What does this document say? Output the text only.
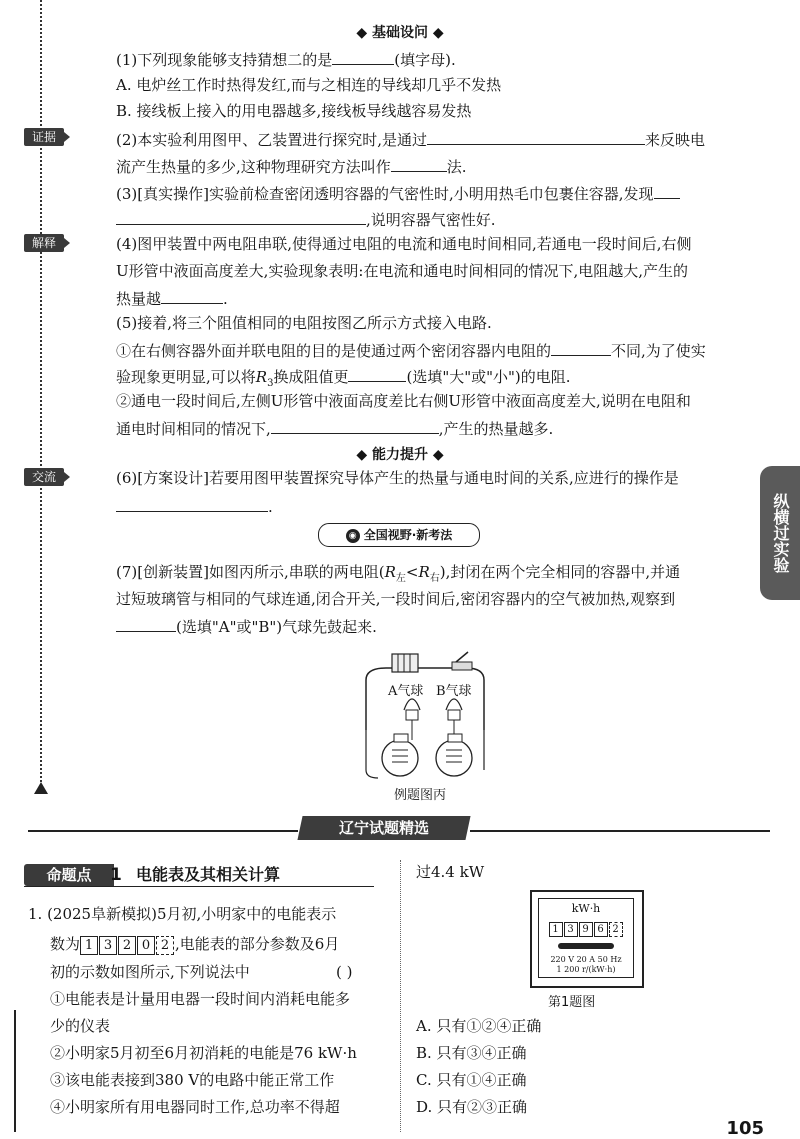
◆ 基础设问 ◆
(1)下列现象能够支持猜想二的是	(填字母).
A. 电炉丝工作时热得发红,而与之相连的导线却几乎不发热
B. 接线板上接入的用电器越多,接线板导线越容易发热
证据	(2)本实验利用图甲、乙装置进行探究时,是通过	来反映电
流产生热量的多少,这种物理研究方法叫作	法.
(3)[真实操作]实验前检查密闭透明容器的气密性时,小明用热毛巾包裹住容器,发现
,说明容器气密性好.
解释	(4)图甲装置中两电阻串联,使得通过电阻的电流和通电时间相同,若通电一段时间后,右侧
U形管中液面高度差大,实验现象表明:在电流和通电时间相同的情况下,电阻越大,产生的
热量越	.
(5)接着,将三个阻值相同的电阻按图乙所示方式接入电路.
①在右侧容器外面并联电阻的目的是使通过两个密闭容器内电阻的	不同,为了使实
验现象更明显,可以将$R_3$换成阻值更	(选填"大"或"小")的电阻.
②通电一段时间后,左侧U形管中液面高度差比右侧U形管中液面高度差大,说明在电阻和
通电时间相同的情况下,	,产生的热量越多.
◆ 能力提升 ◆
交流	(6)[方案设计]若要用图甲装置探究导体产生的热量与通电时间的关系,应进行的操作是
.	纵横过实验
◉ 全国视野·新考法
(7)[创新装置]如图丙所示,串联的两电阻$(R_左<R_右)$,封闭在两个完全相同的容器中,并通
过短玻璃管与相同的气球连通,闭合开关,一段时间后,密闭容器内的空气被加热,观察到
(选填"A"或"B")气球先鼓起来.
A气球 B气球
例题图丙
辽宁试题精选
命题点	1 电能表及其相关计算
1. (2025阜新模拟)5月初,小明家中的电能表示
数为 1 3 2 0 2 ,电能表的部分参数及6月
初的示数如图所示,下列说法中	( )
①电能表是计量用电器一段时间内消耗电能多
少的仪表
②小明家5月初至6月初消耗的电能是76 kW·h
③该电能表接到380 V的电路中能正常工作
④小明家所有用电器同时工作,总功率不得超
过4.4 kW
kW·h
1 3 9 6 2
220 V 20 A 50 Hz
1 200 r/(kW·h)
第1题图
A. 只有①②④正确
B. 只有③④正确
C. 只有①④正确
D. 只有②③正确
105
